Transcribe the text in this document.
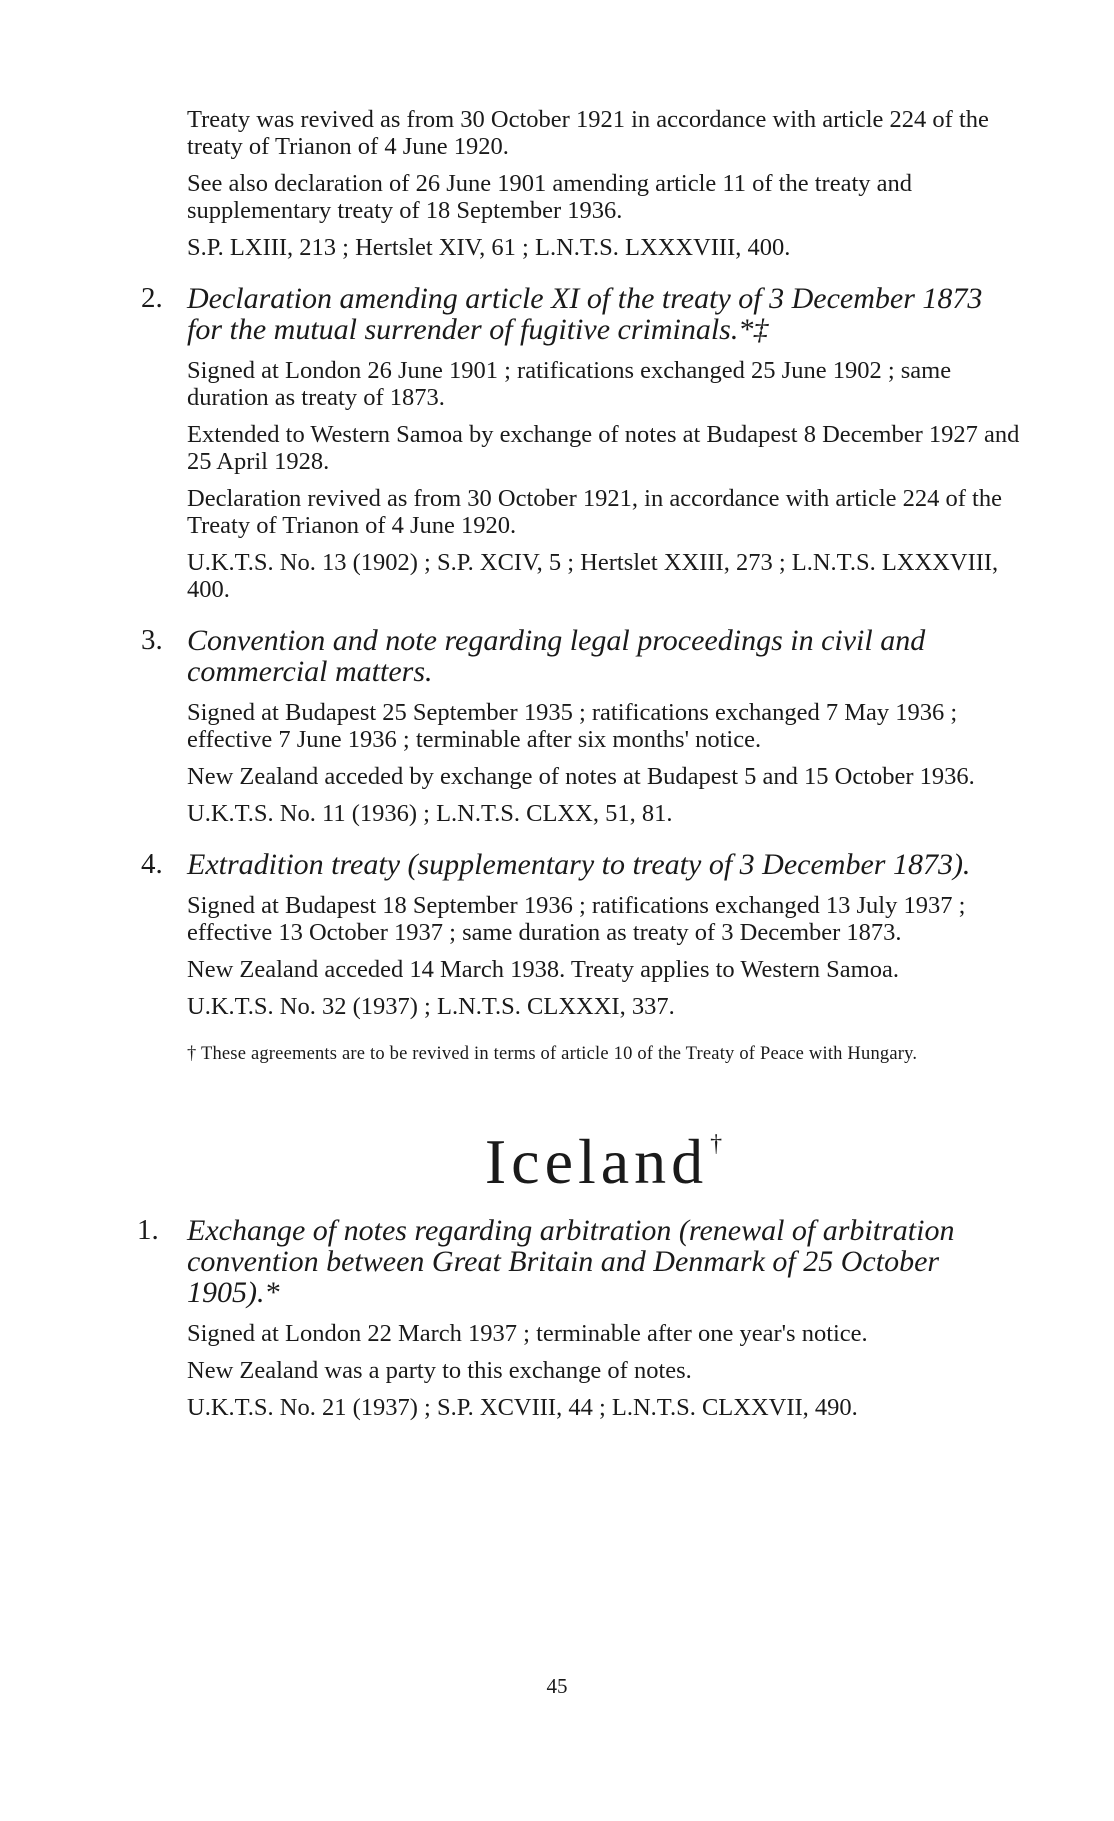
Treaty was revived as from 30 October 1921 in accordance with article 224 of the treaty of Trianon of 4 June 1920.

See also declaration of 26 June 1901 amending article 11 of the treaty and supplementary treaty of 18 September 1936.

S.P. LXIII, 213 ; Hertslet XIV, 61 ; L.N.T.S. LXXXVIII, 400.

2. Declaration amending article XI of the treaty of 3 December 1873 for the mutual surrender of fugitive criminals.*‡

Signed at London 26 June 1901 ; ratifications exchanged 25 June 1902 ; same duration as treaty of 1873.

Extended to Western Samoa by exchange of notes at Budapest 8 December 1927 and 25 April 1928.

Declaration revived as from 30 October 1921, in accordance with article 224 of the Treaty of Trianon of 4 June 1920.

U.K.T.S. No. 13 (1902) ; S.P. XCIV, 5 ; Hertslet XXIII, 273 ; L.N.T.S. LXXXVIII, 400.

3. Convention and note regarding legal proceedings in civil and commercial matters.

Signed at Budapest 25 September 1935 ; ratifications exchanged 7 May 1936 ; effective 7 June 1936 ; terminable after six months' notice.

New Zealand acceded by exchange of notes at Budapest 5 and 15 October 1936.

U.K.T.S. No. 11 (1936) ; L.N.T.S. CLXX, 51, 81.

4. Extradition treaty (supplementary to treaty of 3 December 1873).

Signed at Budapest 18 September 1936 ; ratifications exchanged 13 July 1937 ; effective 13 October 1937 ; same duration as treaty of 3 December 1873.

New Zealand acceded 14 March 1938. Treaty applies to Western Samoa.

U.K.T.S. No. 32 (1937) ; L.N.T.S. CLXXXI, 337.

† These agreements are to be revived in terms of article 10 of the Treaty of Peace with Hungary.

Iceland†
1. Exchange of notes regarding arbitration (renewal of arbitration convention between Great Britain and Denmark of 25 October 1905).*

Signed at London 22 March 1937 ; terminable after one year's notice.

New Zealand was a party to this exchange of notes.

U.K.T.S. No. 21 (1937) ; S.P. XCVIII, 44 ; L.N.T.S. CLXXVII, 490.

45
